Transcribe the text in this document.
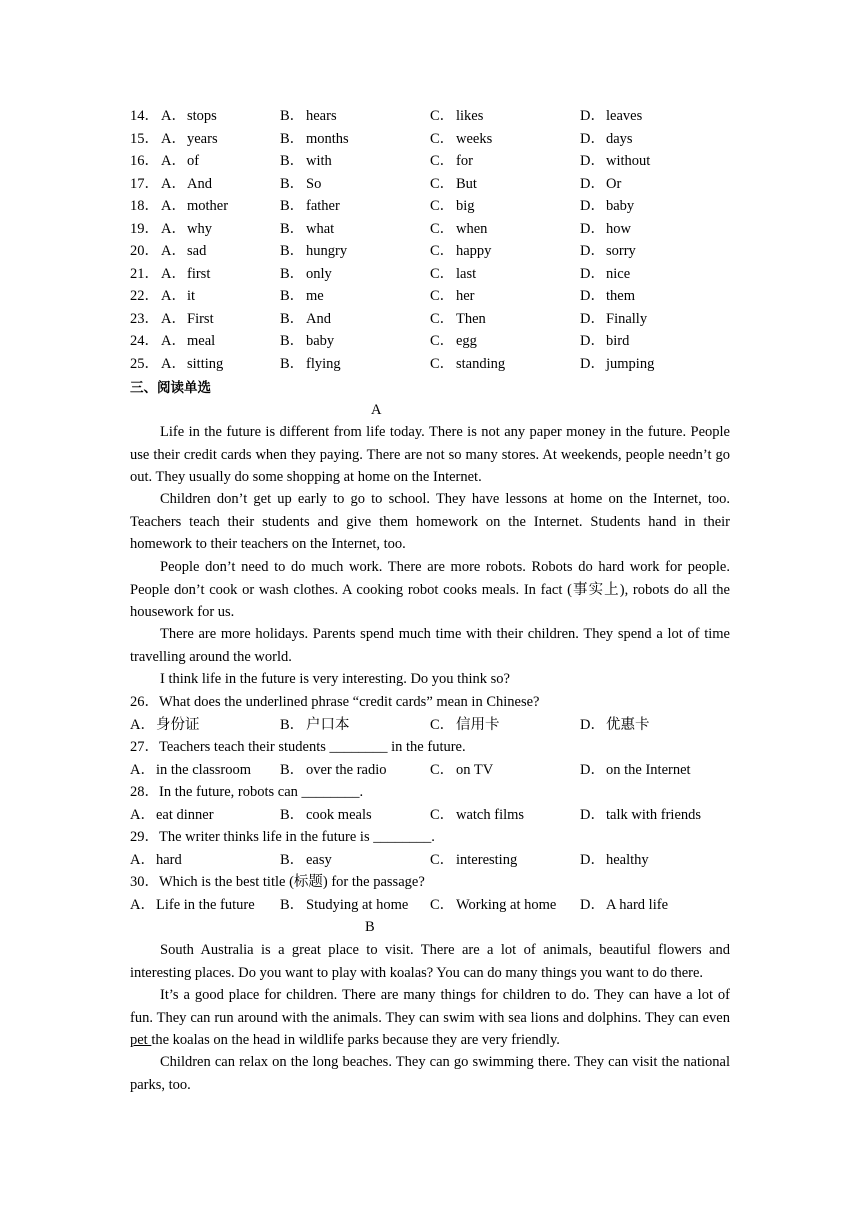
14． A．stops	B． hears	C． likes	D．leaves
15． A．years	B． months	C． weeks	D．days
16． A．of	B． with	C． for	D．without
17． A．And	B． So	C． But	D．Or
18． A．mother	B． father	C． big	D．baby
19． A．why	B． what	C． when	D．how
20． A．sad	B． hungry	C． happy	D．sorry
21． A．first	B． only	C． last	D．nice
22． A．it	B． me	C． her	D．them
23． A．First	B． And	C． Then	D．Finally
24． A．meal	B． baby	C． egg	D．bird
25． A．sitting	B． flying	C． standing	D．jumping
三、阅读单选
A
Life in the future is different from life today. There is not any paper money in the future. People use their credit cards when they paying. There are not so many stores. At weekends, people needn’t go out. They usually do some shopping at home on the Internet.
Children don’t get up early to go to school. They have lessons at home on the Internet, too. Teachers teach their students and give them homework on the Internet. Students hand in their homework to their teachers on the Internet, too.
People don’t need to do much work. There are more robots. Robots do hard work for people. People don’t cook or wash clothes. A cooking robot cooks meals. In fact (事实上), robots do all the housework for us.
There are more holidays. Parents spend much time with their children. They spend a lot of time travelling around the world.
I think life in the future is very interesting. Do you think so?
26．What does the underlined phrase “credit cards” mean in Chinese?
A．身份证	B． 户口本	C． 信用卡	D．优惠卡
27．Teachers teach their students ________ in the future.
A．in the classroom B． over the radio	C． on TV	D．on the Internet
28．In the future, robots can ________.
A．eat dinner	B． cook meals	C． watch films	D．talk with friends
29．The writer thinks life in the future is ________.
A．hard	B． easy	C． interesting	D．healthy
30．Which is the best title (标题) for the passage?
A．Life in the future B． Studying at home C． Working at home D．A hard life
B
South Australia is a great place to visit. There are a lot of animals, beautiful flowers and interesting places. Do you want to play with koalas? You can do many things you want to do there.
It’s a good place for children. There are many things for children to do. They can have a lot of fun. They can run around with the animals. They can swim with sea lions and dolphins. They can even pet the koalas on the head in wildlife parks because they are very friendly.
Children can relax on the long beaches. They can go swimming there. They can visit the national parks, too.
